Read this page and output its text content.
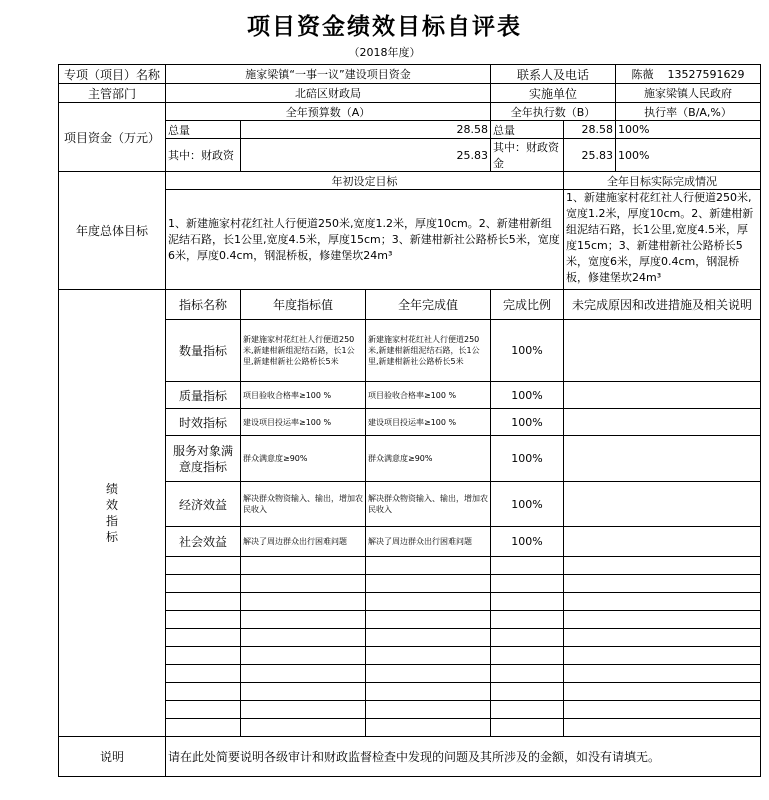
项目资金绩效目标自评表
（2018年度）
专项（项目）名称	施家梁镇“一事一议”建设项目资金			联系人及电话		陈薇 13527591629
主管部门	北碚区财政局			实施单位		施家梁镇人民政府
项目资金（万元）	全年预算数（A）			全年执行数（B）		执行率（B/A,%）
	总量	28.58		总量	28.58	100%
	其中：财政资	25.83		其中：财政资金	25.83	100%
年度总体目标	年初设定目标				全年目标实际完成情况	
	1、新建施家村花红社人行便道250米,宽度1.2米，厚度10cm。2、新建柑新组泥结石路，长1公里,宽度4.5米，厚度15cm；3、新建柑新社公路桥长5米，宽度6米，厚度0.4cm，钢混桥板，修建堡坎24m³				1、新建施家村花红社人行便道250米,宽度1.2米，厚度10cm。2、新建柑新组泥结石路，长1公里,宽度4.5米，厚度15cm；3、新建柑新社公路桥长5米，宽度6米，厚度0.4cm，钢混桥板，修建堡坎24m³	

绩
效
指
标	指标名称	年度指标值	全年完成值	完成比例	未完成原因和改进措施及相关说明	
	数量指标	新建施家村花红社人行便道250米,新建柑新组泥结石路，长1公里,新建柑新社公路桥长5米	新建施家村花红社人行便道250米,新建柑新组泥结石路，长1公里,新建柑新社公路桥长5米	100%		
	质量指标	项目验收合格率≥100 %	项目验收合格率≥100 %	100%		
	时效指标	建设项目投运率≥100 %	建设项目投运率≥100 %	100%		
	服务对象满意度指标	群众满意度≥90%	群众满意度≥90%	100%		
	经济效益	解决群众物资输入、输出，增加农民收入	解决群众物资输入、输出，增加农民收入	100%		
	社会效益	解决了周边群众出行困难问题	解决了周边群众出行困难问题	100%		

说明	请在此处简要说明各级审计和财政监督检查中发现的问题及其所涉及的金额，如没有请填无。					
